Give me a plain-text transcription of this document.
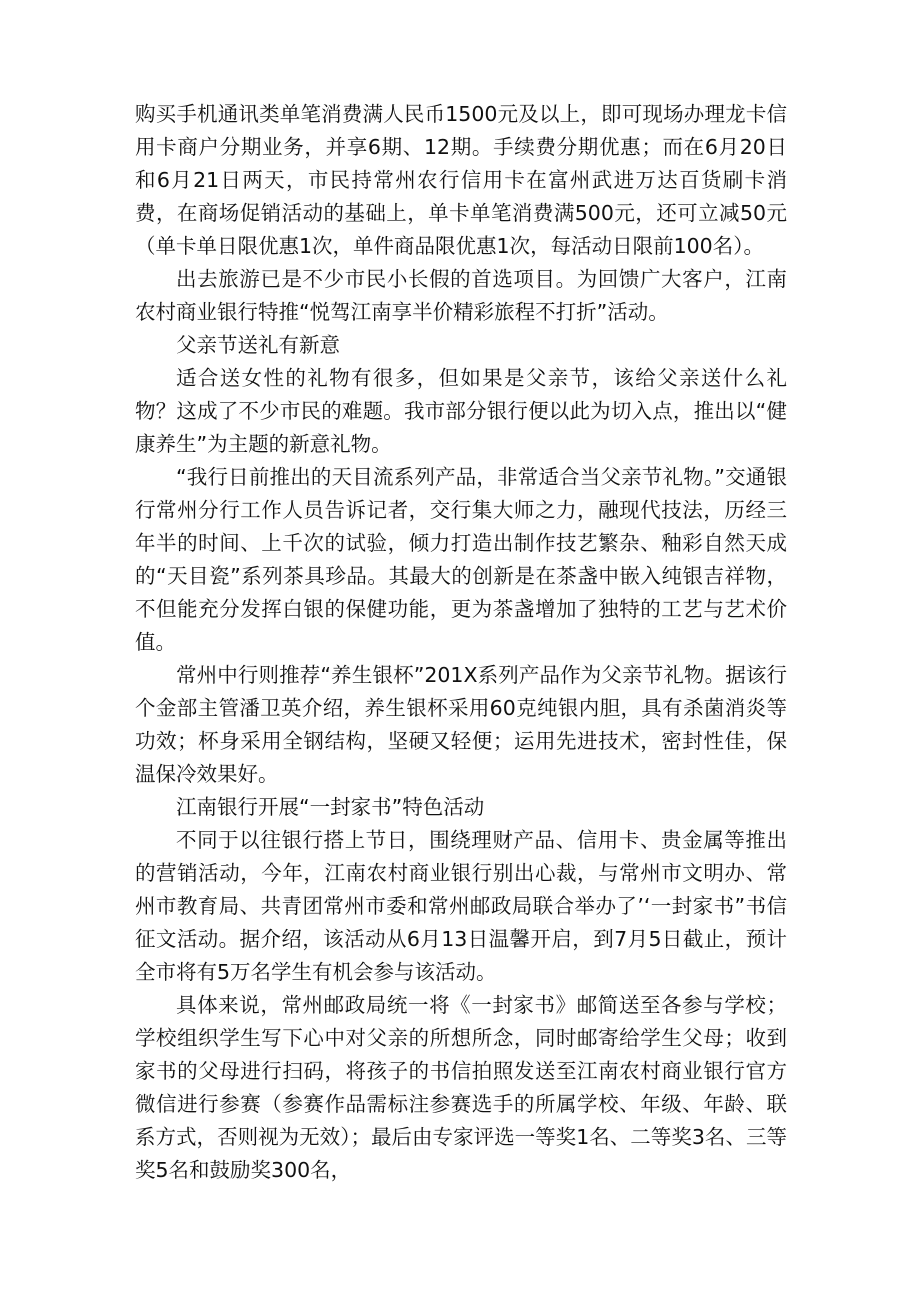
购买手机通讯类单笔消费满人民币1500元及以上，即可现场办理龙卡信用卡商户分期业务，并享6期、12期。手续费分期优惠；而在6月20日和6月21日两天，市民持常州农行信用卡在富州武进万达百货刷卡消费，在商场促销活动的基础上，单卡单笔消费满500元，还可立减50元（单卡单日限优惠1次，单件商品限优惠1次，每活动日限前100名）。

出去旅游已是不少市民小长假的首选项目。为回馈广大客户，江南农村商业银行特推“悦驾江南享半价精彩旅程不打折”活动。

父亲节送礼有新意

适合送女性的礼物有很多，但如果是父亲节，该给父亲送什么礼物？这成了不少市民的难题。我市部分银行便以此为切入点，推出以“健康养生”为主题的新意礼物。

“我行日前推出的天目流系列产品，非常适合当父亲节礼物。”交通银行常州分行工作人员告诉记者，交行集大师之力，融现代技法，历经三年半的时间、上千次的试验，倾力打造出制作技艺繁杂、釉彩自然天成的“天目瓷”系列茶具珍品。其最大的创新是在茶盏中嵌入纯银吉祥物，不但能充分发挥白银的保健功能，更为茶盏增加了独特的工艺与艺术价值。

常州中行则推荐“养生银杯”201X系列产品作为父亲节礼物。据该行个金部主管潘卫英介绍，养生银杯采用60克纯银内胆，具有杀菌消炎等功效；杯身采用全钢结构，坚硬又轻便；运用先进技术，密封性佳，保温保冷效果好。

江南银行开展“一封家书”特色活动

不同于以往银行搭上节日，围绕理财产品、信用卡、贵金属等推出的营销活动，今年，江南农村商业银行别出心裁，与常州市文明办、常州市教育局、共青团常州市委和常州邮政局联合举办了’‘一封家书”书信征文活动。据介绍，该活动从6月13日温馨开启，到7月5日截止，预计全市将有5万名学生有机会参与该活动。

具体来说，常州邮政局统一将《一封家书》邮简送至各参与学校；学校组织学生写下心中对父亲的所想所念，同时邮寄给学生父母；收到家书的父母进行扫码，将孩子的书信拍照发送至江南农村商业银行官方微信进行参赛（参赛作品需标注参赛选手的所属学校、年级、年龄、联系方式，否则视为无效）；最后由专家评选一等奖1名、二等奖3名、三等奖5名和鼓励奖300名，
